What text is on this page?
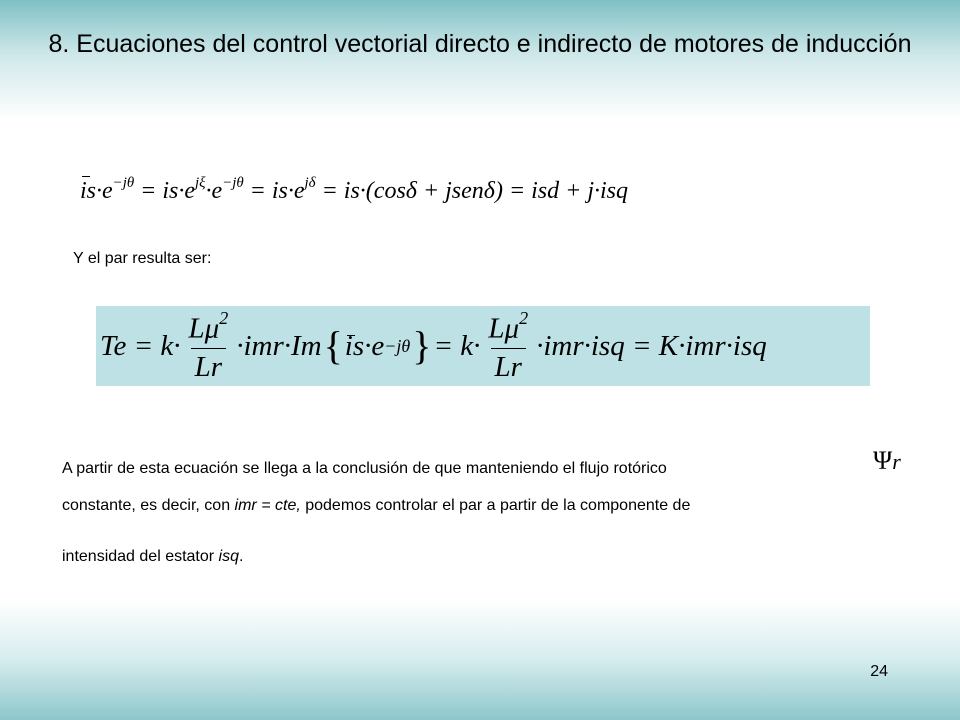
8. Ecuaciones del control vectorial directo e indirecto de motores de inducción
$is\cdot e^{-j\theta} = is\cdot e^{j\xi}\cdot e^{-j\theta} = is\cdot e^{j\delta} = is\cdot(\cos\delta$ + jsenδ) = isd + j·isq
Y el par resulta ser:
$Te = k\cdot \frac{L\mu^2}{Lr} \cdot imr\cdot Im$ { i s·e −jθ } = $k\cdot \frac{L\mu^2}{Lr} \cdot imr\cdot isq = K\cdot imr\cdot isq$
A partir de esta ecuación se llega a la conclusión de que manteniendo el flujo rotórico	Ψr
constante, es decir, con imr = cte, podemos controlar el par a partir de la componente de
intensidad del estator isq.
24
